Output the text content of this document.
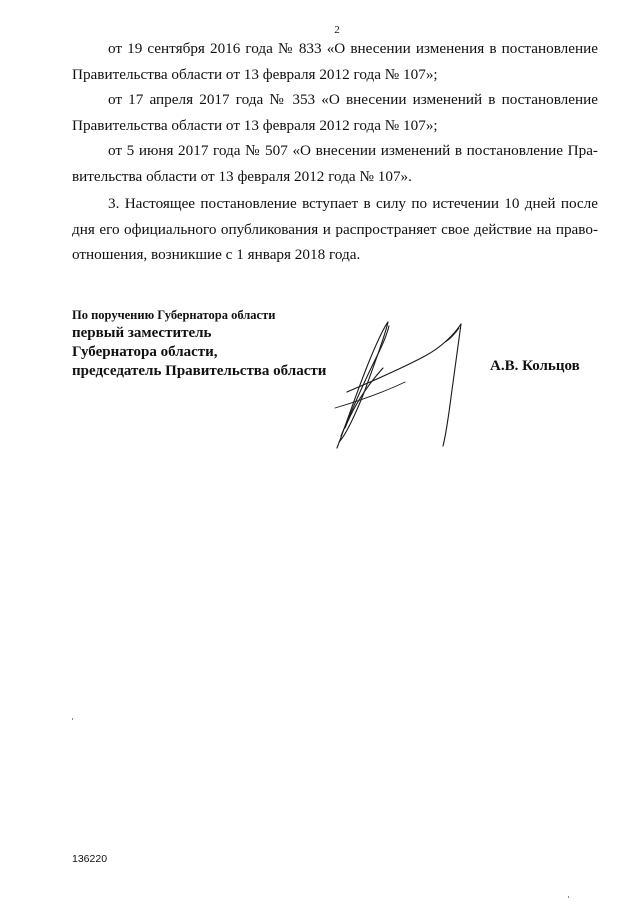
2

от 19 сентября 2016 года № 833 «О внесении изменения в постановление
Правительства области от 13 февраля 2012 года № 107»;

от 17 апреля 2017 года № 353 «О внесении изменений в постановление
Правительства области от 13 февраля 2012 года № 107»;

от 5 июня 2017 года № 507 «О внесении изменений в постановление Пра-
вительства области от 13 февраля 2012 года № 107».

3. Настоящее постановление вступает в силу по истечении 10 дней после
дня его официального опубликования и распространяет свое действие на право-
отношения, возникшие с 1 января 2018 года.

По поручению Губернатора области
первый заместитель
Губернатора области,
председатель Правительства области	А.В. Кольцов
136220
